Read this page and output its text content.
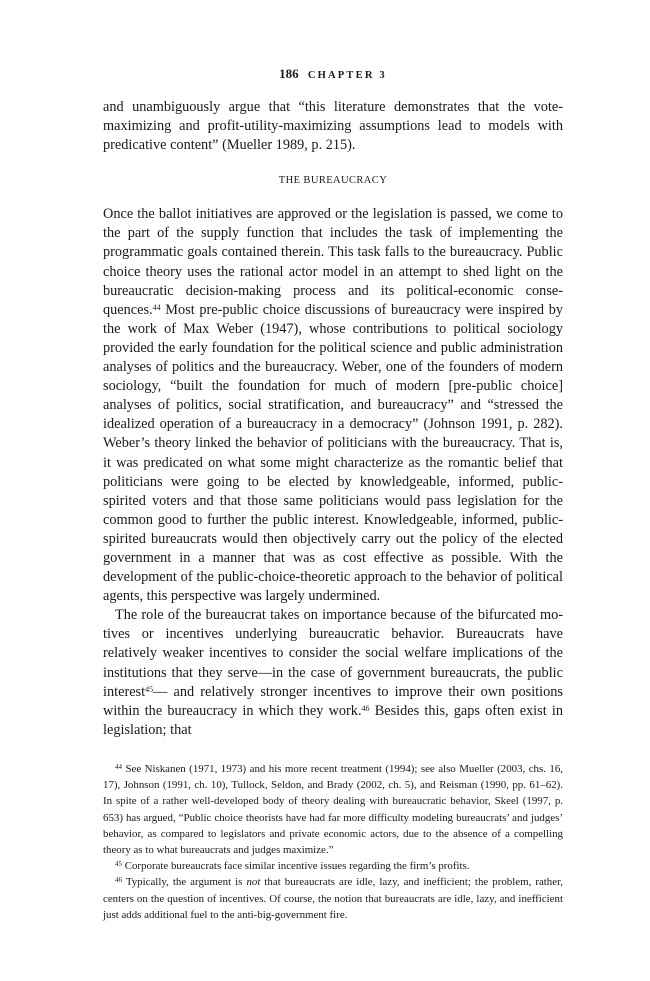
186 CHAPTER 3

and unambiguously argue that “this literature demonstrates that the vote-maximizing and profit-utility-maximizing assumptions lead to models with predicative content” (Mueller 1989, p. 215).

THE BUREAUCRACY

Once the ballot initiatives are approved or the legislation is passed, we come to the part of the supply function that includes the task of implementing the programmatic goals contained therein. This task falls to the bureaucracy. Public choice theory uses the rational actor model in an attempt to shed light on the bureaucratic decision-making process and its political-economic consequences.$^{44}$ Most pre-public choice discussions of bureaucracy were inspired by the work of Max Weber (1947), whose contributions to political sociology provided the early foundation for the political science and public administration analyses of politics and the bureaucracy. Weber, one of the founders of modern sociology, “built the foundation for much of modern [pre-public choice] analyses of politics, social stratification, and bureaucracy” and “stressed the idealized operation of a bureaucracy in a democracy” (Johnson 1991, p. 282). Weber’s theory linked the behavior of politicians with the bureaucracy. That is, it was predicated on what some might characterize as the romantic belief that politicians were going to be elected by knowledgeable, informed, public-spirited voters and that those same politicians would pass legislation for the common good to further the public interest. Knowledgeable, informed, public-spirited bureaucrats would then objectively carry out the policy of the elected government in a manner that was as cost effective as possible. With the development of the public-choice-theoretic approach to the behavior of political agents, this perspective was largely undermined.

The role of the bureaucrat takes on importance because of the bifurcated motives or incentives underlying bureaucratic behavior. Bureaucrats have relatively weaker incentives to consider the social welfare implications of the institutions that they serve—in the case of government bureaucrats, the public interest$^{45}$— and relatively stronger incentives to improve their own positions within the bureaucracy in which they work.$^{46}$ Besides this, gaps often exist in legislation; that

$^{44}$ See Niskanen (1971, 1973) and his more recent treatment (1994); see also Mueller (2003, chs. 16, 17), Johnson (1991, ch. 10), Tullock, Seldon, and Brady (2002, ch. 5), and Reisman (1990, pp. 61–62). In spite of a rather well-developed body of theory dealing with bureaucratic behavior, Skeel (1997, p. 653) has argued, “Public choice theorists have had far more difficulty modeling bureaucrats’ and judges’ behavior, as compared to legislators and private economic actors, due to the absence of a compelling theory as to what bureaucrats and judges maximize.”

$^{45}$ Corporate bureaucrats face similar incentive issues regarding the firm’s profits.

$^{46}$ Typically, the argument is not that bureaucrats are idle, lazy, and inefficient; the problem, rather, centers on the question of incentives. Of course, the notion that bureaucrats are idle, lazy, and inefficient just adds additional fuel to the anti-big-government fire.
